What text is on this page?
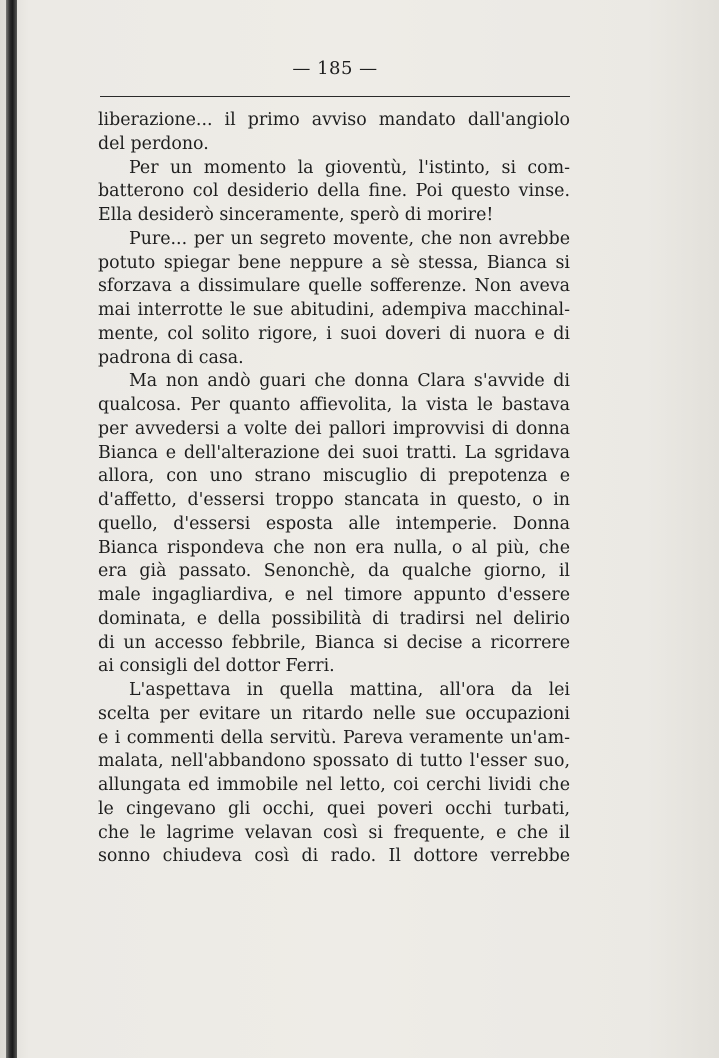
— 185 —
liberazione... il primo avviso mandato dall'angiolo
del perdono.
Per un momento la gioventù, l'istinto, si com-
batterono col desiderio della fine. Poi questo vinse.
Ella desiderò sinceramente, sperò di morire!
Pure... per un segreto movente, che non avrebbe
potuto spiegar bene neppure a sè stessa, Bianca si
sforzava a dissimulare quelle sofferenze. Non aveva
mai interrotte le sue abitudini, adempiva macchinal-
mente, col solito rigore, i suoi doveri di nuora e di
padrona di casa.
Ma non andò guari che donna Clara s'avvide di
qualcosa. Per quanto affievolita, la vista le bastava
per avvedersi a volte dei pallori improvvisi di donna
Bianca e dell'alterazione dei suoi tratti. La sgridava
allora, con uno strano miscuglio di prepotenza e
d'affetto, d'essersi troppo stancata in questo, o in
quello, d'essersi esposta alle intemperie. Donna
Bianca rispondeva che non era nulla, o al più, che
era già passato. Senonchè, da qualche giorno, il
male ingagliardiva, e nel timore appunto d'essere
dominata, e della possibilità di tradirsi nel delirio
di un accesso febbrile, Bianca si decise a ricorrere
ai consigli del dottor Ferri.
L'aspettava in quella mattina, all'ora da lei
scelta per evitare un ritardo nelle sue occupazioni
e i commenti della servitù. Pareva veramente un'am-
malata, nell'abbandono spossato di tutto l'esser suo,
allungata ed immobile nel letto, coi cerchi lividi che
le cingevano gli occhi, quei poveri occhi turbati,
che le lagrime velavan così si frequente, e che il
sonno chiudeva così di rado. Il dottore verrebbe
